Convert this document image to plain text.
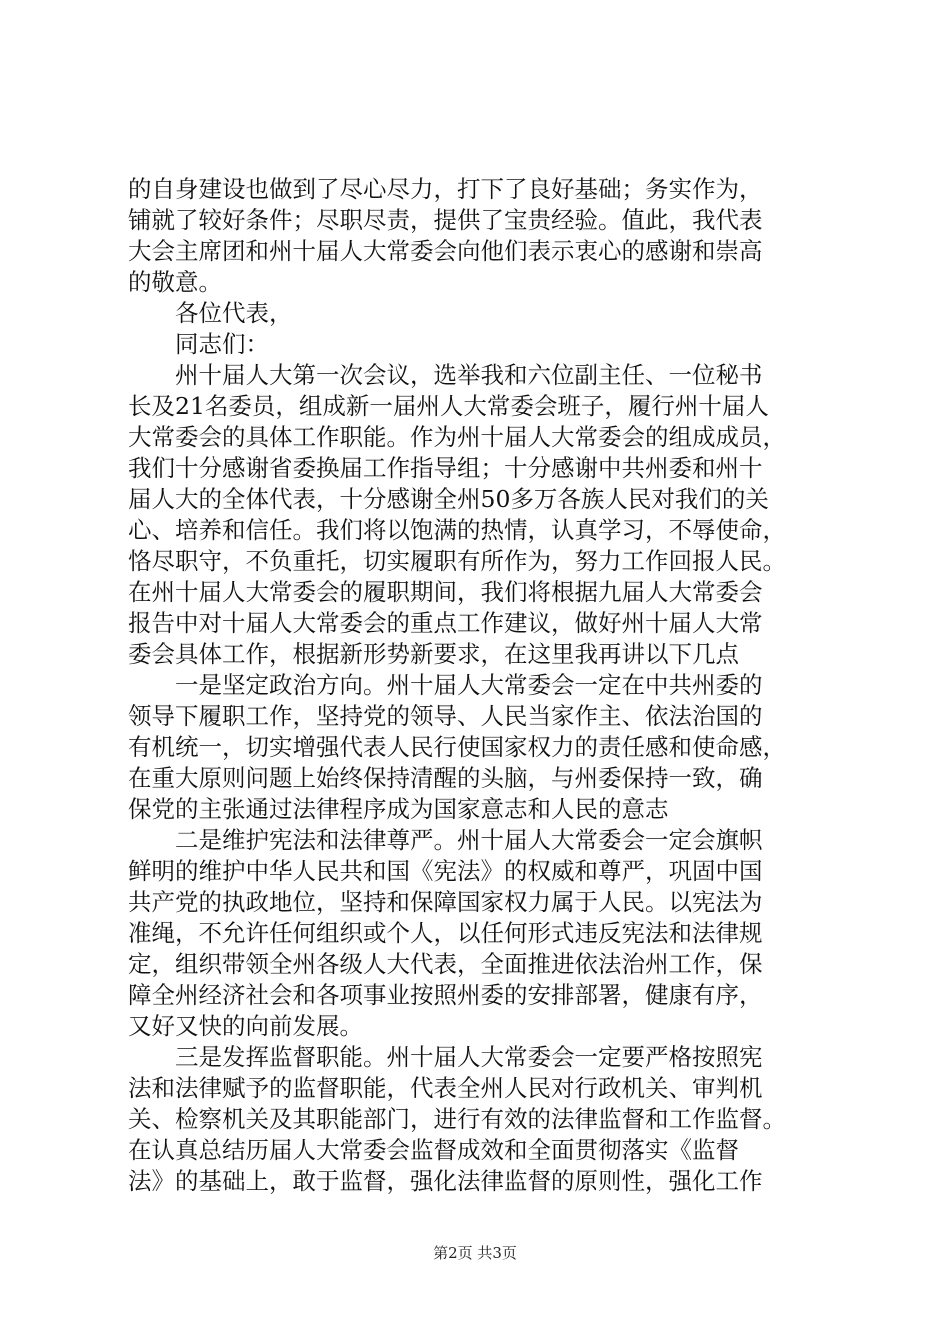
的自身建设也做到了尽心尽力，打下了良好基础；务实作为，
铺就了较好条件；尽职尽责，提供了宝贵经验。值此，我代表
大会主席团和州十届人大常委会向他们表示衷心的感谢和崇高
的敬意。
各位代表，
同志们：
州十届人大第一次会议，选举我和六位副主任、一位秘书
长及21名委员，组成新一届州人大常委会班子，履行州十届人
大常委会的具体工作职能。作为州十届人大常委会的组成成员，
我们十分感谢省委换届工作指导组；十分感谢中共州委和州十
届人大的全体代表，十分感谢全州50多万各族人民对我们的关
心、培养和信任。我们将以饱满的热情，认真学习，不辱使命，
恪尽职守，不负重托，切实履职有所作为，努力工作回报人民。
在州十届人大常委会的履职期间，我们将根据九届人大常委会
报告中对十届人大常委会的重点工作建议，做好州十届人大常
委会具体工作，根据新形势新要求，在这里我再讲以下几点
一是坚定政治方向。州十届人大常委会一定在中共州委的
领导下履职工作，坚持党的领导、人民当家作主、依法治国的
有机统一，切实增强代表人民行使国家权力的责任感和使命感，
在重大原则问题上始终保持清醒的头脑，与州委保持一致，确
保党的主张通过法律程序成为国家意志和人民的意志
二是维护宪法和法律尊严。州十届人大常委会一定会旗帜
鲜明的维护中华人民共和国《宪法》的权威和尊严，巩固中国
共产党的执政地位，坚持和保障国家权力属于人民。以宪法为
准绳，不允许任何组织或个人，以任何形式违反宪法和法律规
定，组织带领全州各级人大代表，全面推进依法治州工作，保
障全州经济社会和各项事业按照州委的安排部署，健康有序，
又好又快的向前发展。
三是发挥监督职能。州十届人大常委会一定要严格按照宪
法和法律赋予的监督职能，代表全州人民对行政机关、审判机
关、检察机关及其职能部门，进行有效的法律监督和工作监督。
在认真总结历届人大常委会监督成效和全面贯彻落实《监督
法》的基础上，敢于监督，强化法律监督的原则性，强化工作
第2页 共3页
